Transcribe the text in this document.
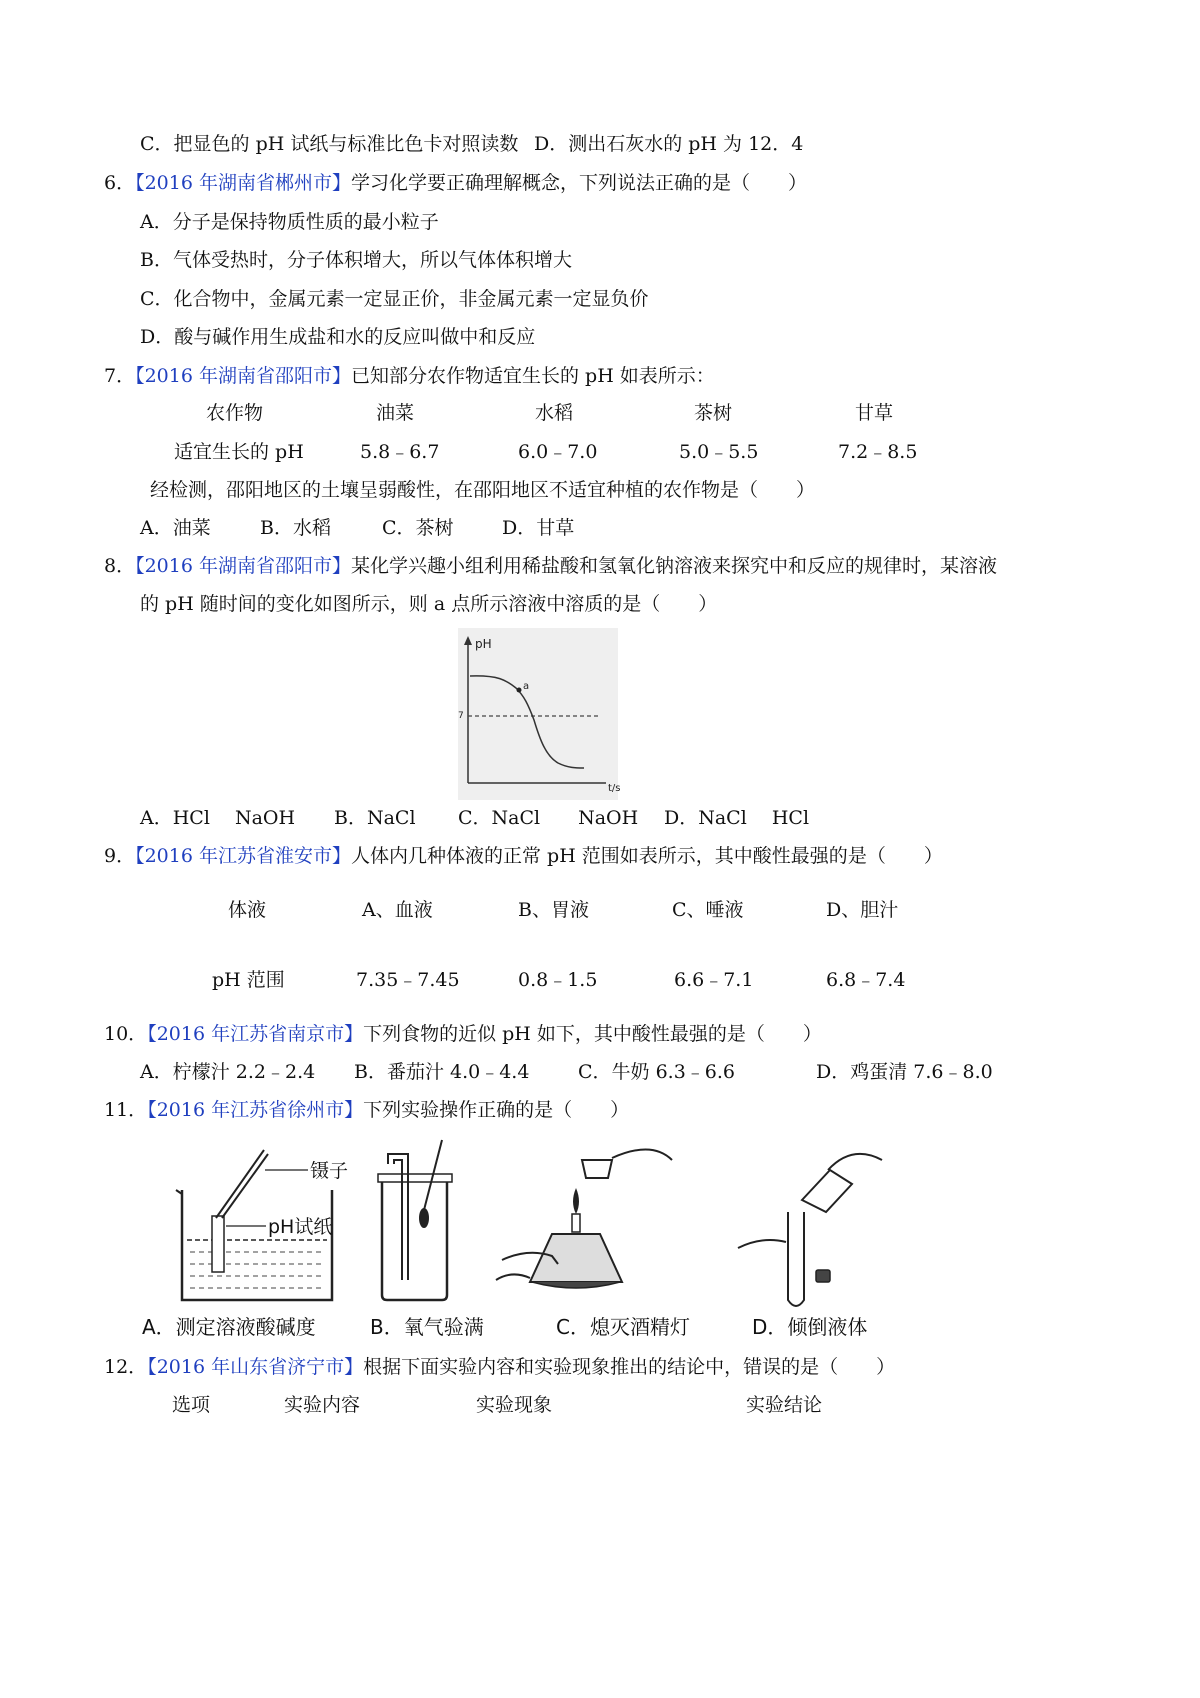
C．把显色的 pH 试纸与标准比色卡对照读数 D．测出石灰水的 pH 为 12．4
6．【2016 年湖南省郴州市】学习化学要正确理解概念，下列说法正确的是（　　）
A．分子是保持物质性质的最小粒子
B．气体受热时，分子体积增大，所以气体体积增大
C．化合物中，金属元素一定显正价，非金属元素一定显负价
D．酸与碱作用生成盐和水的反应叫做中和反应
7．【2016 年湖南省邵阳市】已知部分农作物适宜生长的 pH 如表所示：
农作物	油菜	水稻	茶树	甘草
适宜生长的 pH	5.8﹣6.7	6.0﹣7.0	5.0﹣5.5	7.2﹣8.5
经检测，邵阳地区的土壤呈弱酸性，在邵阳地区不适宜种植的农作物是（　　）
A．油菜	B．水稻	C．茶树	D．甘草
8．【2016 年湖南省邵阳市】某化学兴趣小组利用稀盐酸和氢氧化钠溶液来探究中和反应的规律时，某溶液
的 pH 随时间的变化如图所示，则 a 点所示溶液中溶质的是（　　）
pH
t/s
7
a
A．HCl　 NaOH B．NaCl C．NaCl　　NaOH D．NaCl　 HCl
9．【2016 年江苏省淮安市】人体内几种体液的正常 pH 范围如表所示，其中酸性最强的是（　　）
体液	A、血液	B、胃液	C、唾液	D、胆汁
pH 范围	7.35﹣7.45	0.8﹣1.5	6.6﹣7.1	6.8﹣7.4
10．【2016 年江苏省南京市】下列食物的近似 pH 如下，其中酸性最强的是（　　）
A．柠檬汁 2.2﹣2.4 B．番茄汁 4.0﹣4.4	C．牛奶 6.3﹣6.6	D．鸡蛋清 7.6﹣8.0
11．【2016 年江苏省徐州市】下列实验操作正确的是（　　）
镊子
pH试纸
A．测定溶液酸碱度	B．氧气验满	C．熄灭酒精灯	D．倾倒液体
12．【2016 年山东省济宁市】根据下面实验内容和实验现象推出的结论中，错误的是（　　）
选项	实验内容	实验现象	实验结论
